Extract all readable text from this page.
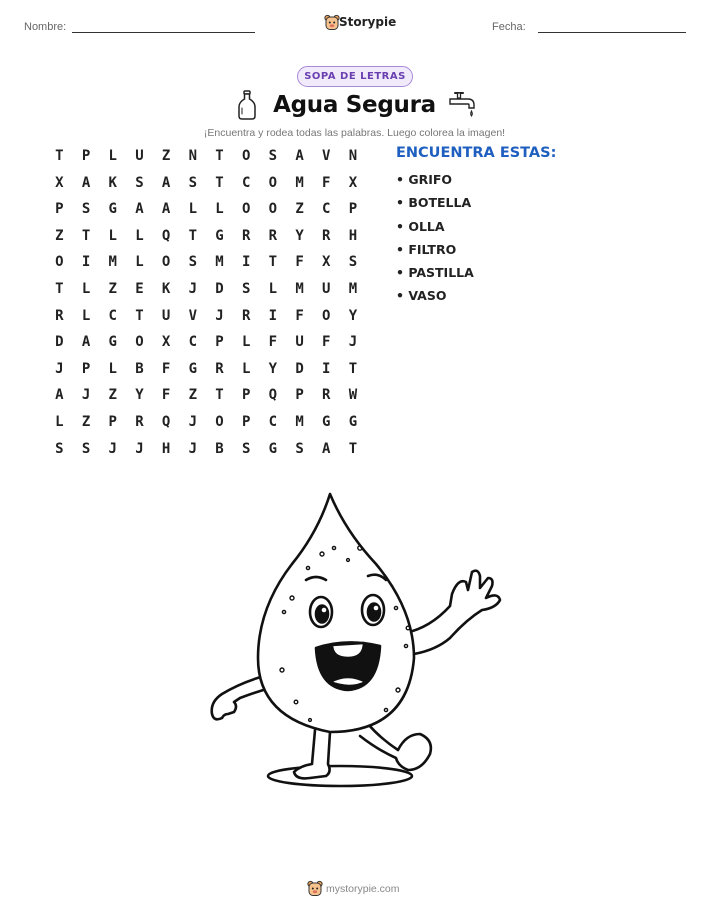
Nombre:	Storypie	Fecha:
SOPA DE LETRAS
Agua Segura
¡Encuentra y rodea todas las palabras. Luego colorea la imagen!
T	P	L	U	Z	N	T	O	S	A	V	N
X	A	K	S	A	S	T	C	O	M	F	X
P	S	G	A	A	L	L	O	O	Z	C	P
Z	T	L	L	Q	T	G	R	R	Y	R	H
O	I	M	L	O	S	M	I	T	F	X	S
T	L	Z	E	K	J	D	S	L	M	U	M
R	L	C	T	U	V	J	R	I	F	O	Y
D	A	G	O	X	C	P	L	F	U	F	J
J	P	L	B	F	G	R	L	Y	D	I	T
A	J	Z	Y	F	Z	T	P	Q	P	R	W
L	Z	P	R	Q	J	O	P	C	M	G	G
S	S	J	J	H	J	B	S	G	S	A	T
ENCUENTRA ESTAS:
• GRIFO
• BOTELLA
• OLLA
• FILTRO
• PASTILLA
• VASO
mystorypie.com
